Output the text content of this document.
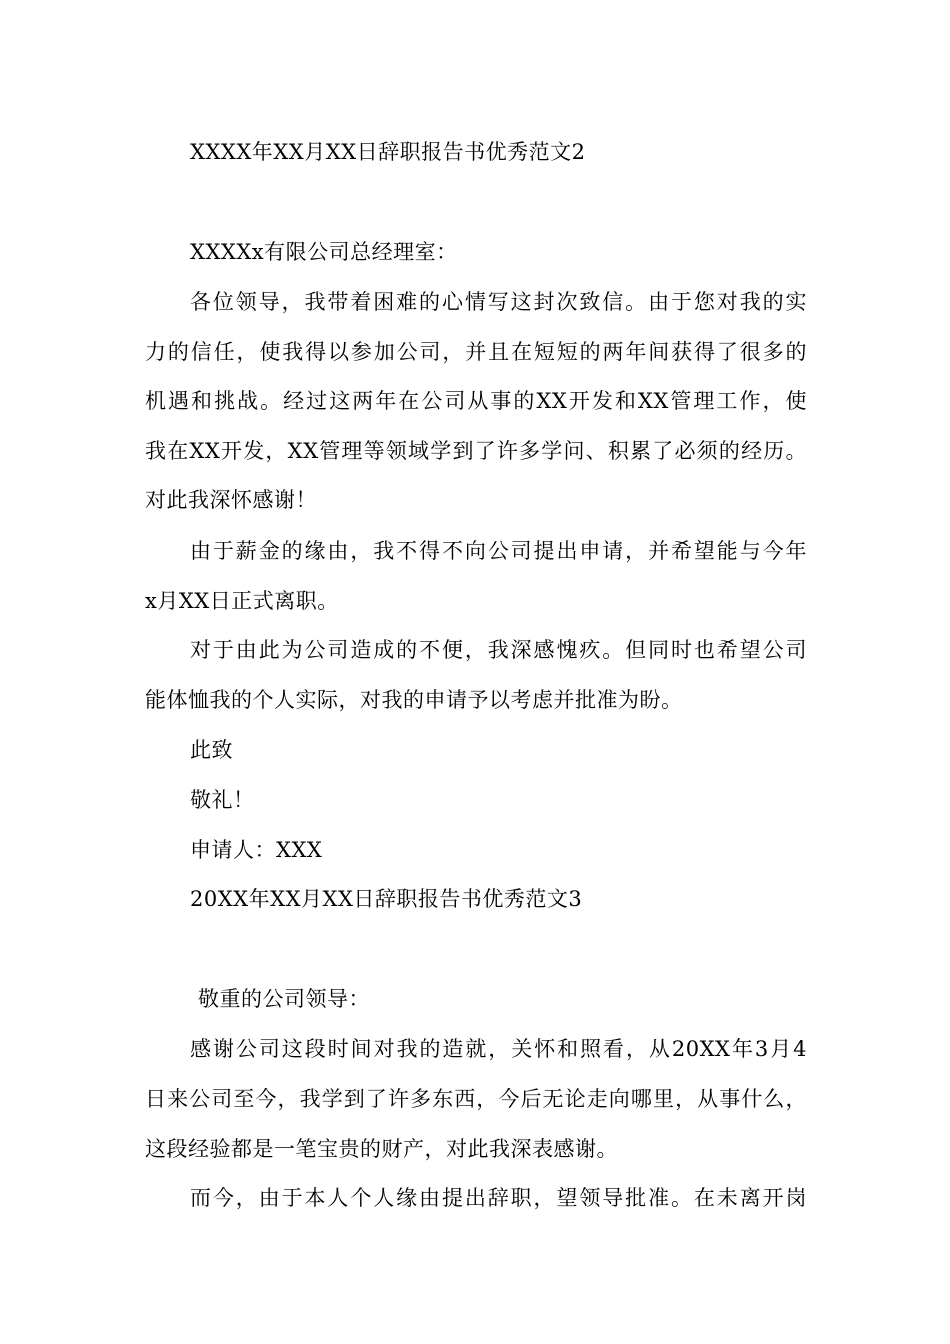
XXXX年XX月XX日辞职报告书优秀范文2
XXXXx有限公司总经理室：
各位领导，我带着困难的心情写这封次致信。由于您对我的实
力的信任，使我得以参加公司，并且在短短的两年间获得了很多的
机遇和挑战。经过这两年在公司从事的XX开发和XX管理工作，使
我在XX开发，XX管理等领域学到了许多学问、积累了必须的经历。
对此我深怀感谢！
由于薪金的缘由，我不得不向公司提出申请，并希望能与今年
x月XX日正式离职。
对于由此为公司造成的不便，我深感愧疚。但同时也希望公司
能体恤我的个人实际，对我的申请予以考虑并批准为盼。
此致
敬礼！
申请人：XXX
20XX年XX月XX日辞职报告书优秀范文3
敬重的公司领导：
感谢公司这段时间对我的造就，关怀和照看，从20XX年3月4
日来公司至今，我学到了许多东西，今后无论走向哪里，从事什么，
这段经验都是一笔宝贵的财产，对此我深表感谢。
而今，由于本人个人缘由提出辞职，望领导批准。在未离开岗
